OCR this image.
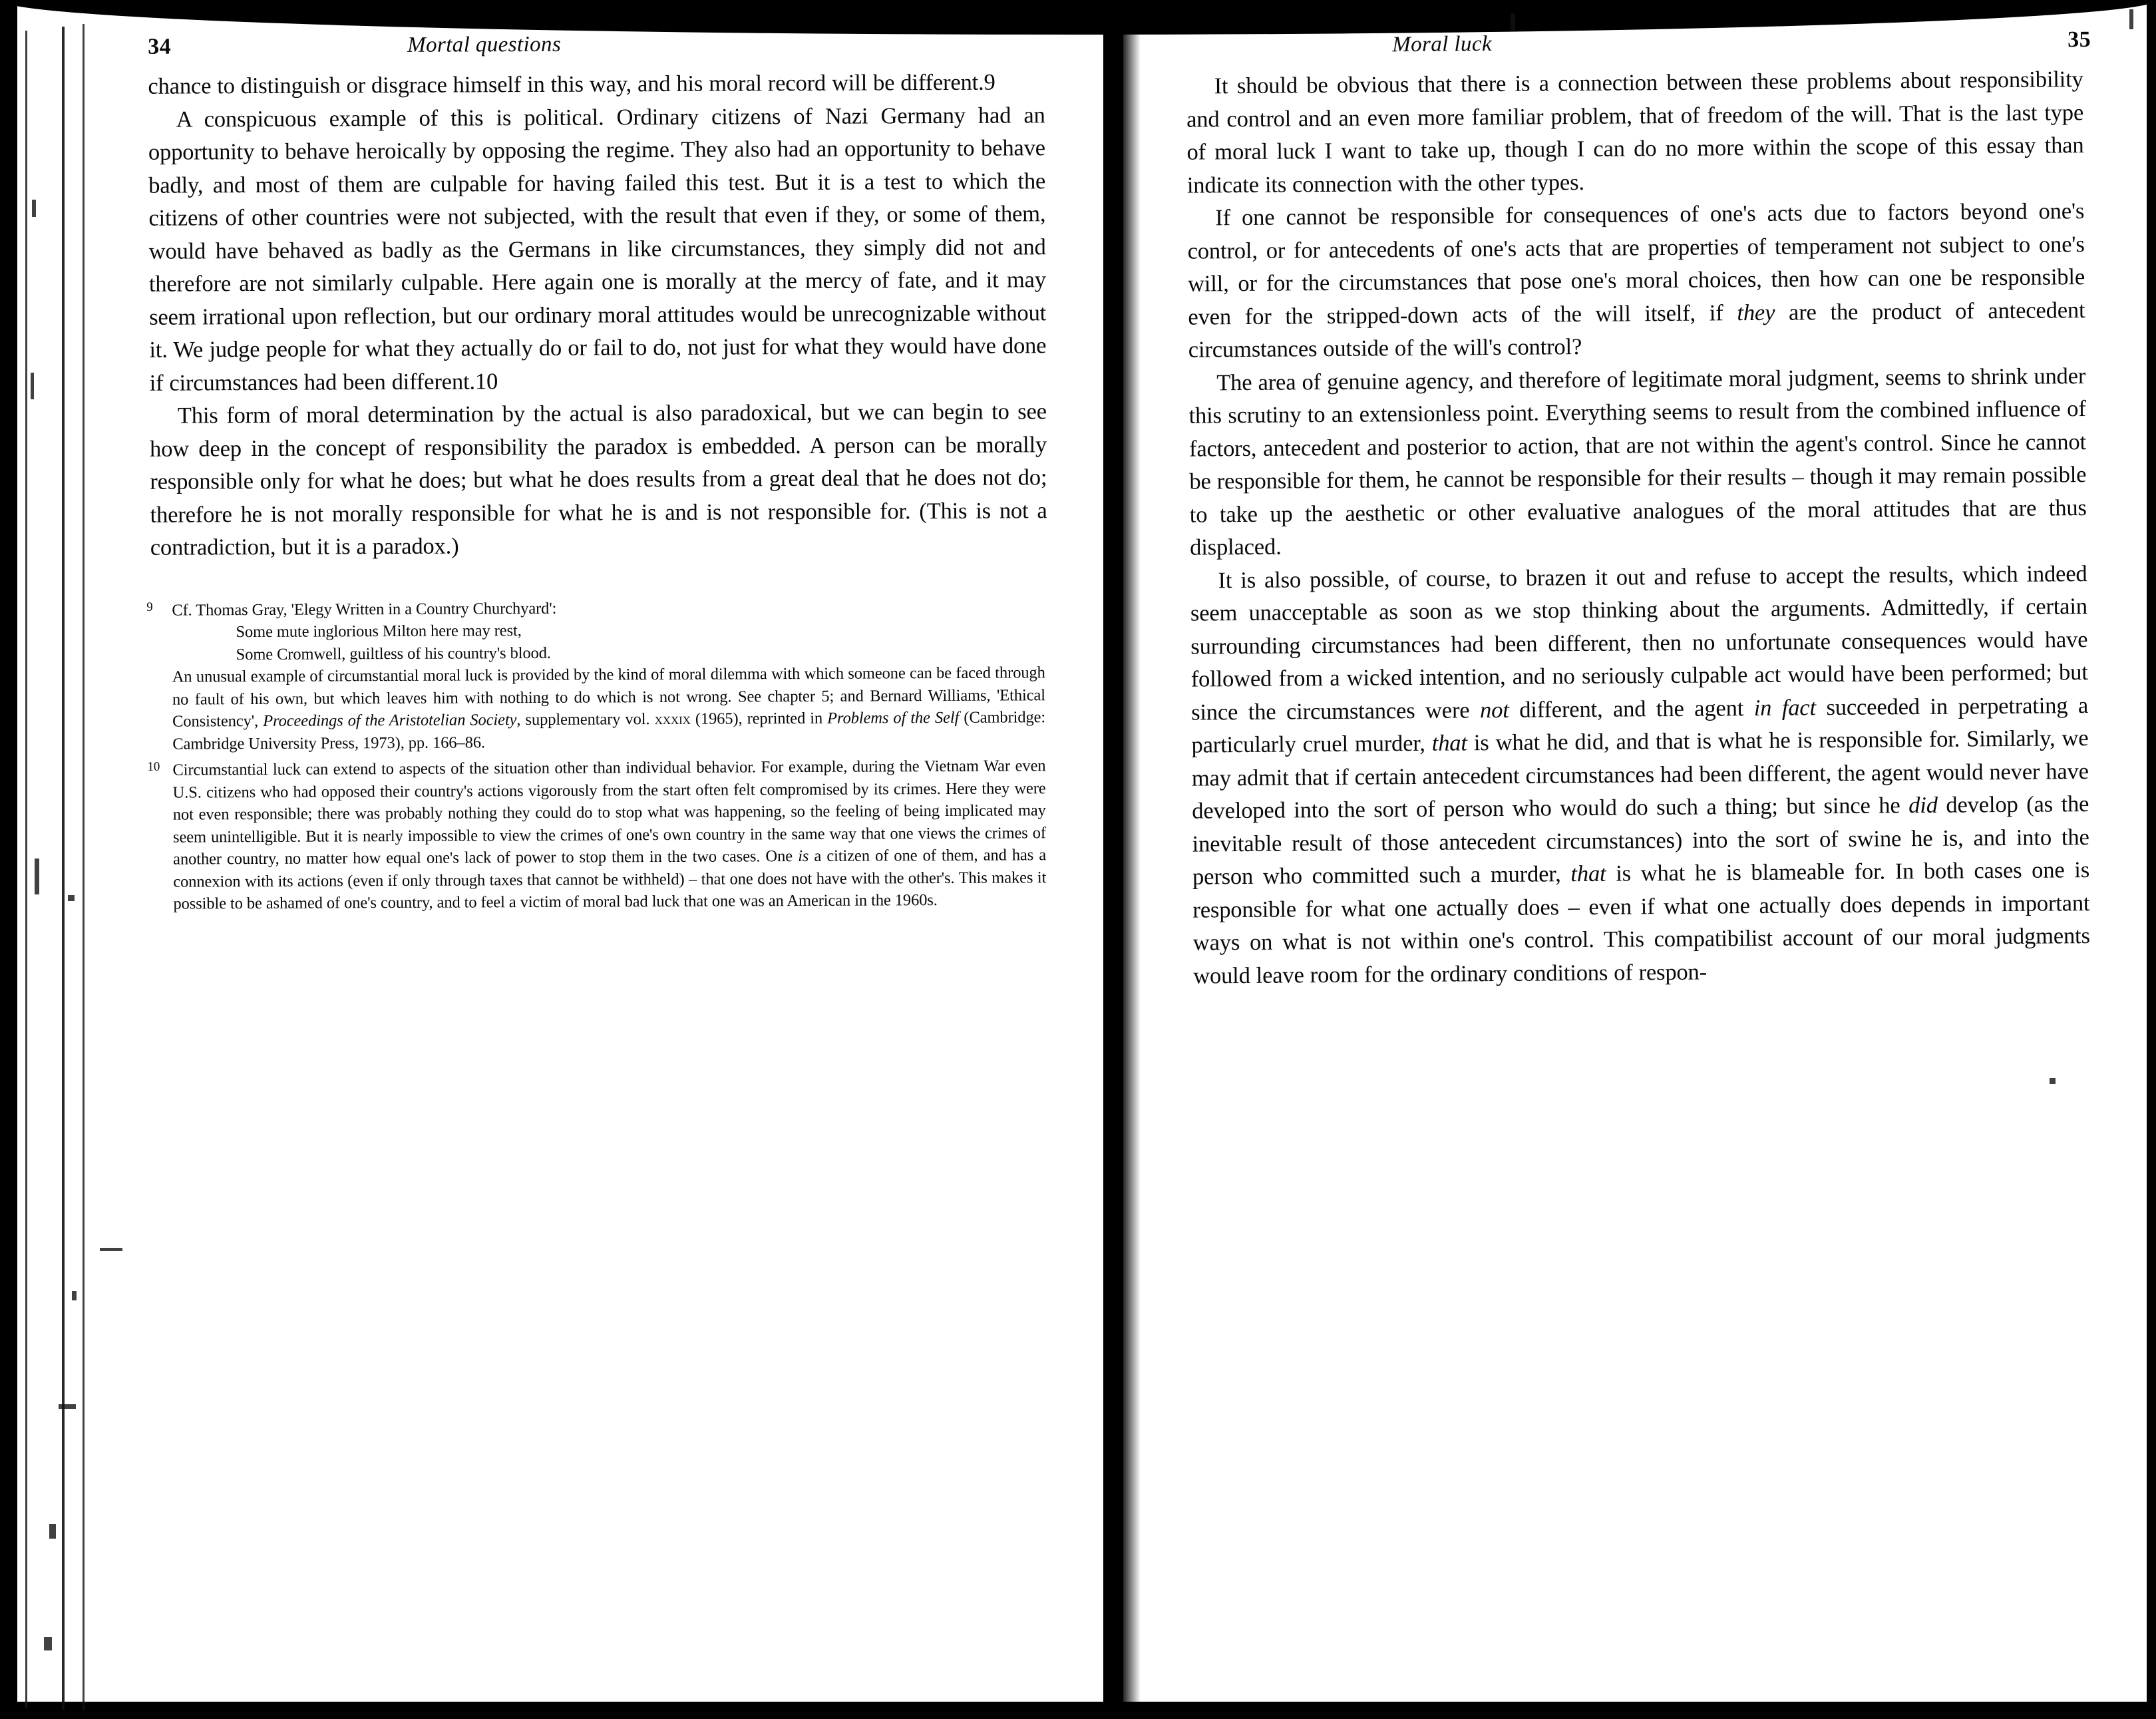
34	Mortal questions

chance to distinguish or disgrace himself in this way, and his moral record will be different.9

A conspicuous example of this is political. Ordinary citizens of Nazi Germany had an opportunity to behave heroically by opposing the regime. They also had an opportunity to behave badly, and most of them are culpable for having failed this test. But it is a test to which the citizens of other countries were not subjected, with the result that even if they, or some of them, would have behaved as badly as the Germans in like circumstances, they simply did not and therefore are not similarly culpable. Here again one is morally at the mercy of fate, and it may seem irrational upon reflection, but our ordinary moral attitudes would be unrecognizable without it. We judge people for what they actually do or fail to do, not just for what they would have done if circumstances had been different.10

This form of moral determination by the actual is also paradoxical, but we can begin to see how deep in the concept of responsibility the paradox is embedded. A person can be morally responsible only for what he does; but what he does results from a great deal that he does not do; therefore he is not morally responsible for what he is and is not responsible for. (This is not a contradiction, but it is a paradox.)

9 Cf. Thomas Gray, 'Elegy Written in a Country Churchyard':
Some mute inglorious Milton here may rest,
Some Cromwell, guiltless of his country's blood.
An unusual example of circumstantial moral luck is provided by the kind of moral dilemma with which someone can be faced through no fault of his own, but which leaves him with nothing to do which is not wrong. See chapter 5; and Bernard Williams, 'Ethical Consistency', Proceedings of the Aristotelian Society, supplementary vol. xxxix (1965), reprinted in Problems of the Self (Cambridge: Cambridge University Press, 1973), pp. 166–86.
10 Circumstantial luck can extend to aspects of the situation other than individual behavior. For example, during the Vietnam War even U.S. citizens who had opposed their country's actions vigorously from the start often felt compromised by its crimes. Here they were not even responsible; there was probably nothing they could do to stop what was happening, so the feeling of being implicated may seem unintelligible. But it is nearly impossible to view the crimes of one's own country in the same way that one views the crimes of another country, no matter how equal one's lack of power to stop them in the two cases. One is a citizen of one of them, and has a connexion with its actions (even if only through taxes that cannot be withheld) – that one does not have with the other's. This makes it possible to be ashamed of one's country, and to feel a victim of moral bad luck that one was an American in the 1960s.
Moral luck	35

It should be obvious that there is a connection between these problems about responsibility and control and an even more familiar problem, that of freedom of the will. That is the last type of moral luck I want to take up, though I can do no more within the scope of this essay than indicate its connection with the other types.

If one cannot be responsible for consequences of one's acts due to factors beyond one's control, or for antecedents of one's acts that are properties of temperament not subject to one's will, or for the circumstances that pose one's moral choices, then how can one be responsible even for the stripped-down acts of the will itself, if they are the product of antecedent circumstances outside of the will's control?

The area of genuine agency, and therefore of legitimate moral judgment, seems to shrink under this scrutiny to an extensionless point. Everything seems to result from the combined influence of factors, antecedent and posterior to action, that are not within the agent's control. Since he cannot be responsible for them, he cannot be responsible for their results – though it may remain possible to take up the aesthetic or other evaluative analogues of the moral attitudes that are thus displaced.

It is also possible, of course, to brazen it out and refuse to accept the results, which indeed seem unacceptable as soon as we stop thinking about the arguments. Admittedly, if certain surrounding circumstances had been different, then no unfortunate consequences would have followed from a wicked intention, and no seriously culpable act would have been performed; but since the circumstances were not different, and the agent in fact succeeded in perpetrating a particularly cruel murder, that is what he did, and that is what he is responsible for. Similarly, we may admit that if certain antecedent circumstances had been different, the agent would never have developed into the sort of person who would do such a thing; but since he did develop (as the inevitable result of those antecedent circumstances) into the sort of swine he is, and into the person who committed such a murder, that is what he is blameable for. In both cases one is responsible for what one actually does – even if what one actually does depends in important ways on what is not within one's control. This compatibilist account of our moral judgments would leave room for the ordinary conditions of respon-
